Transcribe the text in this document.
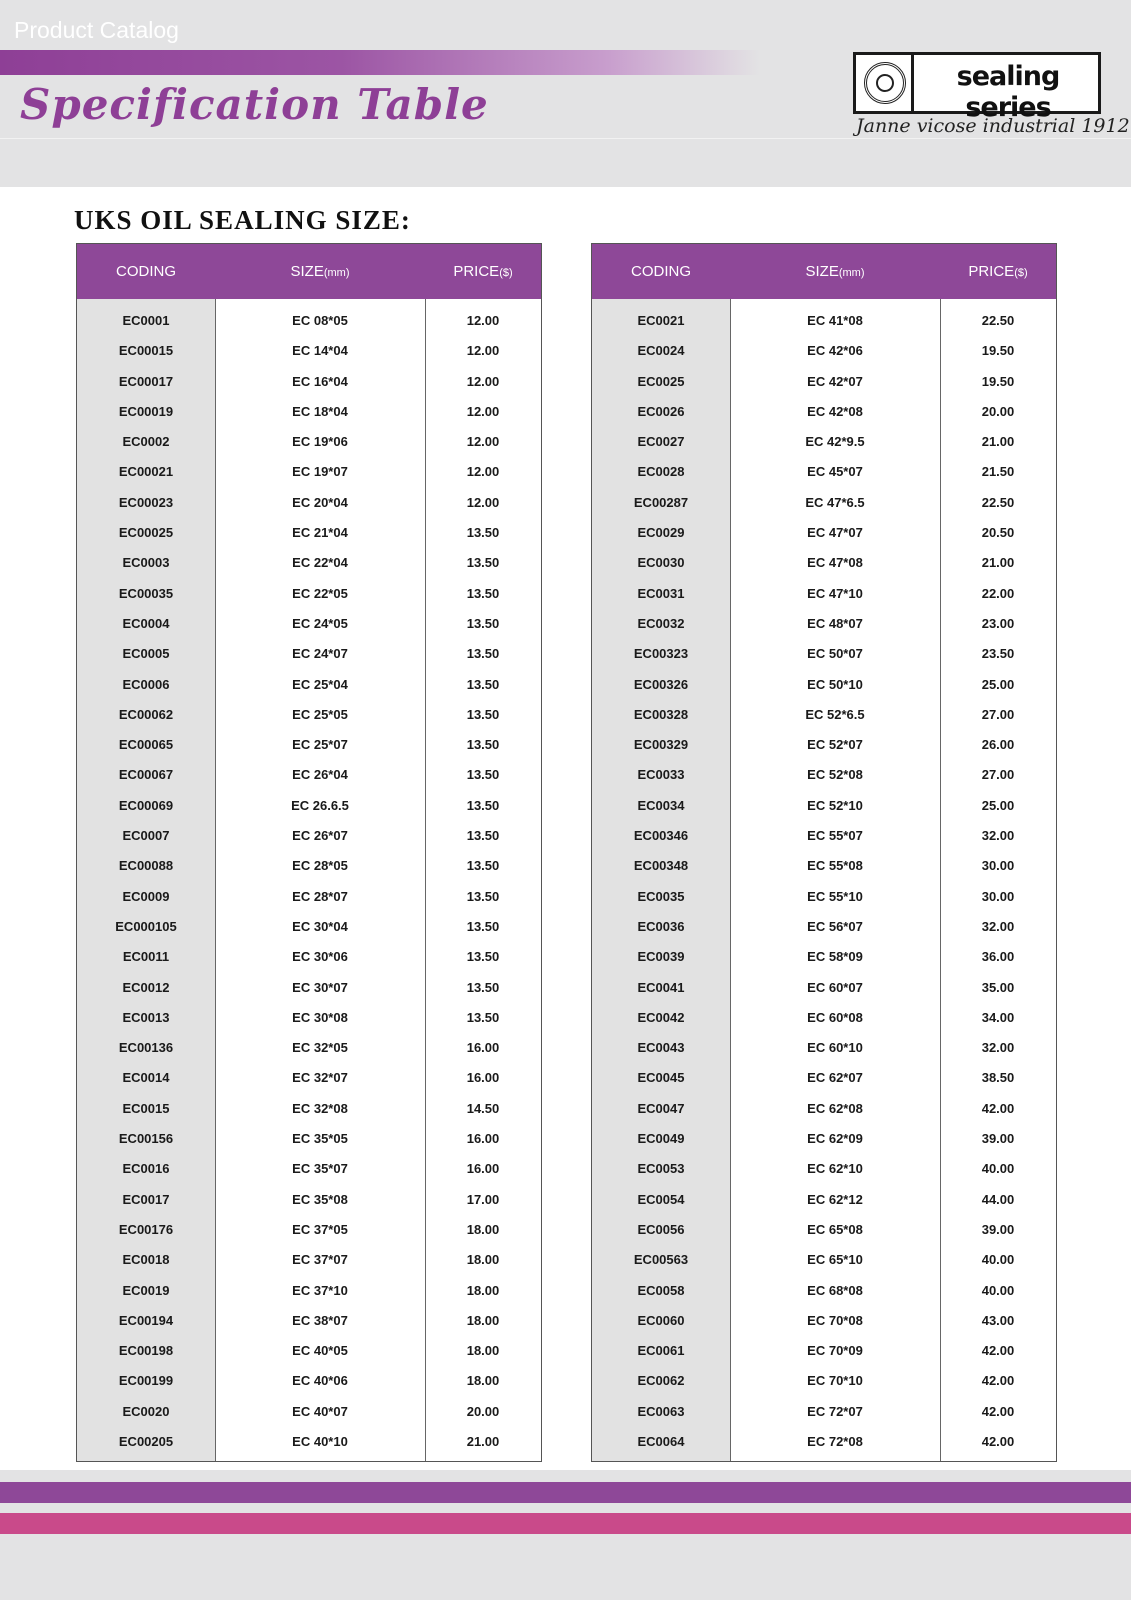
Product Catalog
Specification Table
sealing series
Janne vicose industrial 1912
UKS OIL SEALING SIZE:
CODING	SIZE(mm)	PRICE($)
EC0001	EC 08*05	12.00
EC00015	EC 14*04	12.00
EC00017	EC 16*04	12.00
EC00019	EC 18*04	12.00
EC0002	EC 19*06	12.00
EC00021	EC 19*07	12.00
EC00023	EC 20*04	12.00
EC00025	EC 21*04	13.50
EC0003	EC 22*04	13.50
EC00035	EC 22*05	13.50
EC0004	EC 24*05	13.50
EC0005	EC 24*07	13.50
EC0006	EC 25*04	13.50
EC00062	EC 25*05	13.50
EC00065	EC 25*07	13.50
EC00067	EC 26*04	13.50
EC00069	EC 26.6.5	13.50
EC0007	EC 26*07	13.50
EC00088	EC 28*05	13.50
EC0009	EC 28*07	13.50
EC000105	EC 30*04	13.50
EC0011	EC 30*06	13.50
EC0012	EC 30*07	13.50
EC0013	EC 30*08	13.50
EC00136	EC 32*05	16.00
EC0014	EC 32*07	16.00
EC0015	EC 32*08	14.50
EC00156	EC 35*05	16.00
EC0016	EC 35*07	16.00
EC0017	EC 35*08	17.00
EC00176	EC 37*05	18.00
EC0018	EC 37*07	18.00
EC0019	EC 37*10	18.00
EC00194	EC 38*07	18.00
EC00198	EC 40*05	18.00
EC00199	EC 40*06	18.00
EC0020	EC 40*07	20.00
EC00205	EC 40*10	21.00
CODING	SIZE(mm)	PRICE($)
EC0021	EC 41*08	22.50
EC0024	EC 42*06	19.50
EC0025	EC 42*07	19.50
EC0026	EC 42*08	20.00
EC0027	EC 42*9.5	21.00
EC0028	EC 45*07	21.50
EC00287	EC 47*6.5	22.50
EC0029	EC 47*07	20.50
EC0030	EC 47*08	21.00
EC0031	EC 47*10	22.00
EC0032	EC 48*07	23.00
EC00323	EC 50*07	23.50
EC00326	EC 50*10	25.00
EC00328	EC 52*6.5	27.00
EC00329	EC 52*07	26.00
EC0033	EC 52*08	27.00
EC0034	EC 52*10	25.00
EC00346	EC 55*07	32.00
EC00348	EC 55*08	30.00
EC0035	EC 55*10	30.00
EC0036	EC 56*07	32.00
EC0039	EC 58*09	36.00
EC0041	EC 60*07	35.00
EC0042	EC 60*08	34.00
EC0043	EC 60*10	32.00
EC0045	EC 62*07	38.50
EC0047	EC 62*08	42.00
EC0049	EC 62*09	39.00
EC0053	EC 62*10	40.00
EC0054	EC 62*12	44.00
EC0056	EC 65*08	39.00
EC00563	EC 65*10	40.00
EC0058	EC 68*08	40.00
EC0060	EC 70*08	43.00
EC0061	EC 70*09	42.00
EC0062	EC 70*10	42.00
EC0063	EC 72*07	42.00
EC0064	EC 72*08	42.00
